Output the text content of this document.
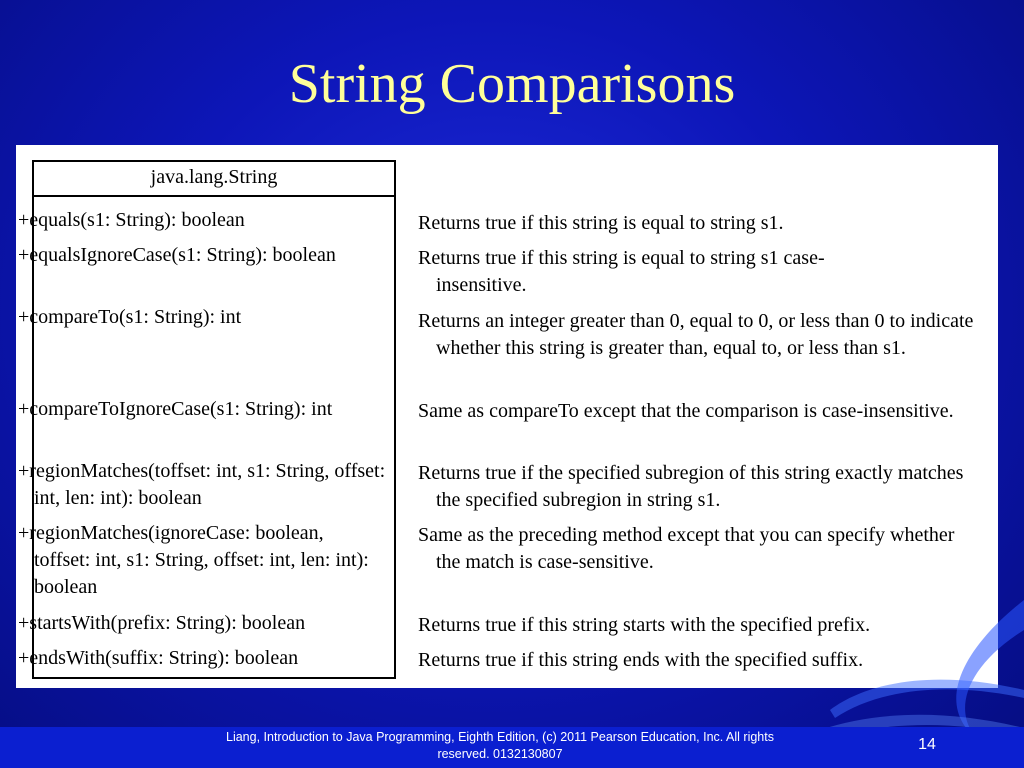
String Comparisons
java.lang.String
+equals(s1: String): boolean
+equalsIgnoreCase(s1: String): boolean
+compareTo(s1: String): int
+compareToIgnoreCase(s1: String): int
+regionMatches(toffset: int, s1: String, offset: int, len: int): boolean
+regionMatches(ignoreCase: boolean, toffset: int, s1: String, offset: int, len: int): boolean
+startsWith(prefix: String): boolean
+endsWith(suffix: String): boolean
Returns true if this string is equal to string s1.
Returns true if this string is equal to string s1 case-insensitive.
Returns an integer greater than 0, equal to 0, or less than 0 to indicate whether this string is greater than, equal to, or less than s1.
Same as compareTo except that the comparison is case-insensitive.
Returns true if the specified subregion of this string exactly matches the specified subregion in string s1.
Same as the preceding method except that you can specify whether the match is case-sensitive.
Returns true if this string starts with the specified prefix.
Returns true if this string ends with the specified suffix.
Liang, Introduction to Java Programming, Eighth Edition, (c) 2011 Pearson Education, Inc. All rights reserved. 0132130807
14
